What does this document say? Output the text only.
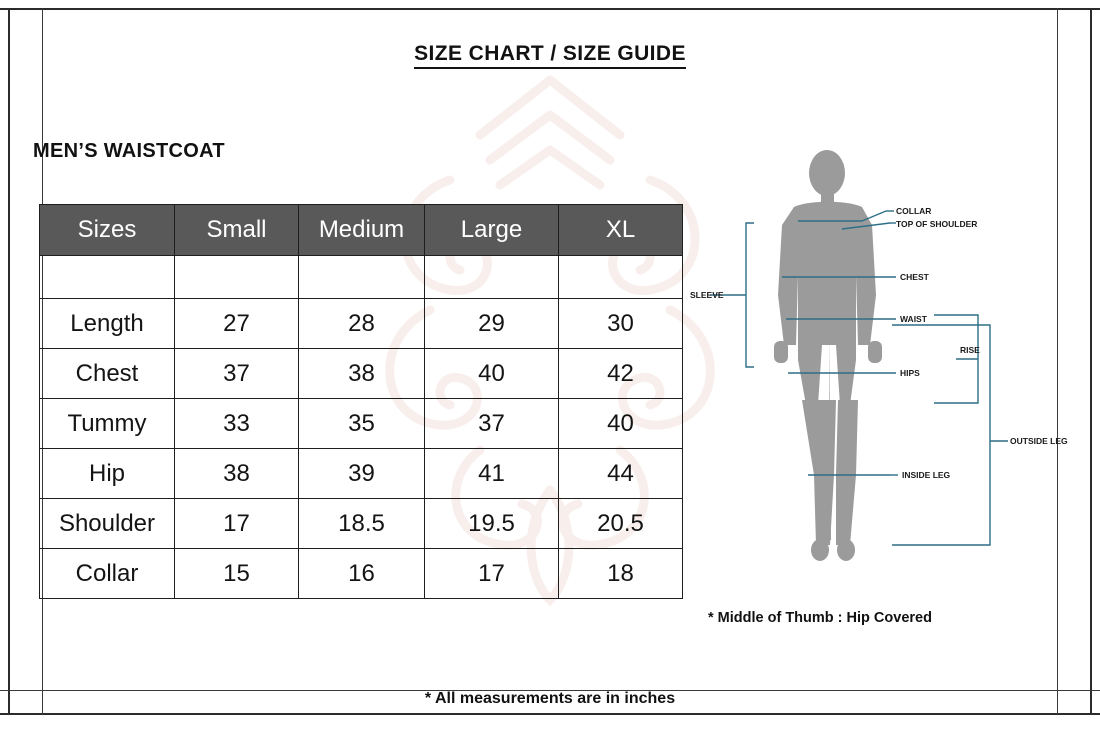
SIZE CHART / SIZE GUIDE
MEN’S WAISTCOAT
Sizes	Small	Medium	Large	XL

Length	27	28	29	30
Chest	37	38	40	42
Tummy	33	35	37	40
Hip	38	39	41	44
Shoulder	17	18.5	19.5	20.5
Collar	15	16	17	18
COLLAR
TOP OF SHOULDER
CHEST
WAIST
HIPS
SLEEVE
RISE
OUTSIDE LEG
INSIDE LEG
* Middle of Thumb : Hip Covered
* All measurements are in inches
